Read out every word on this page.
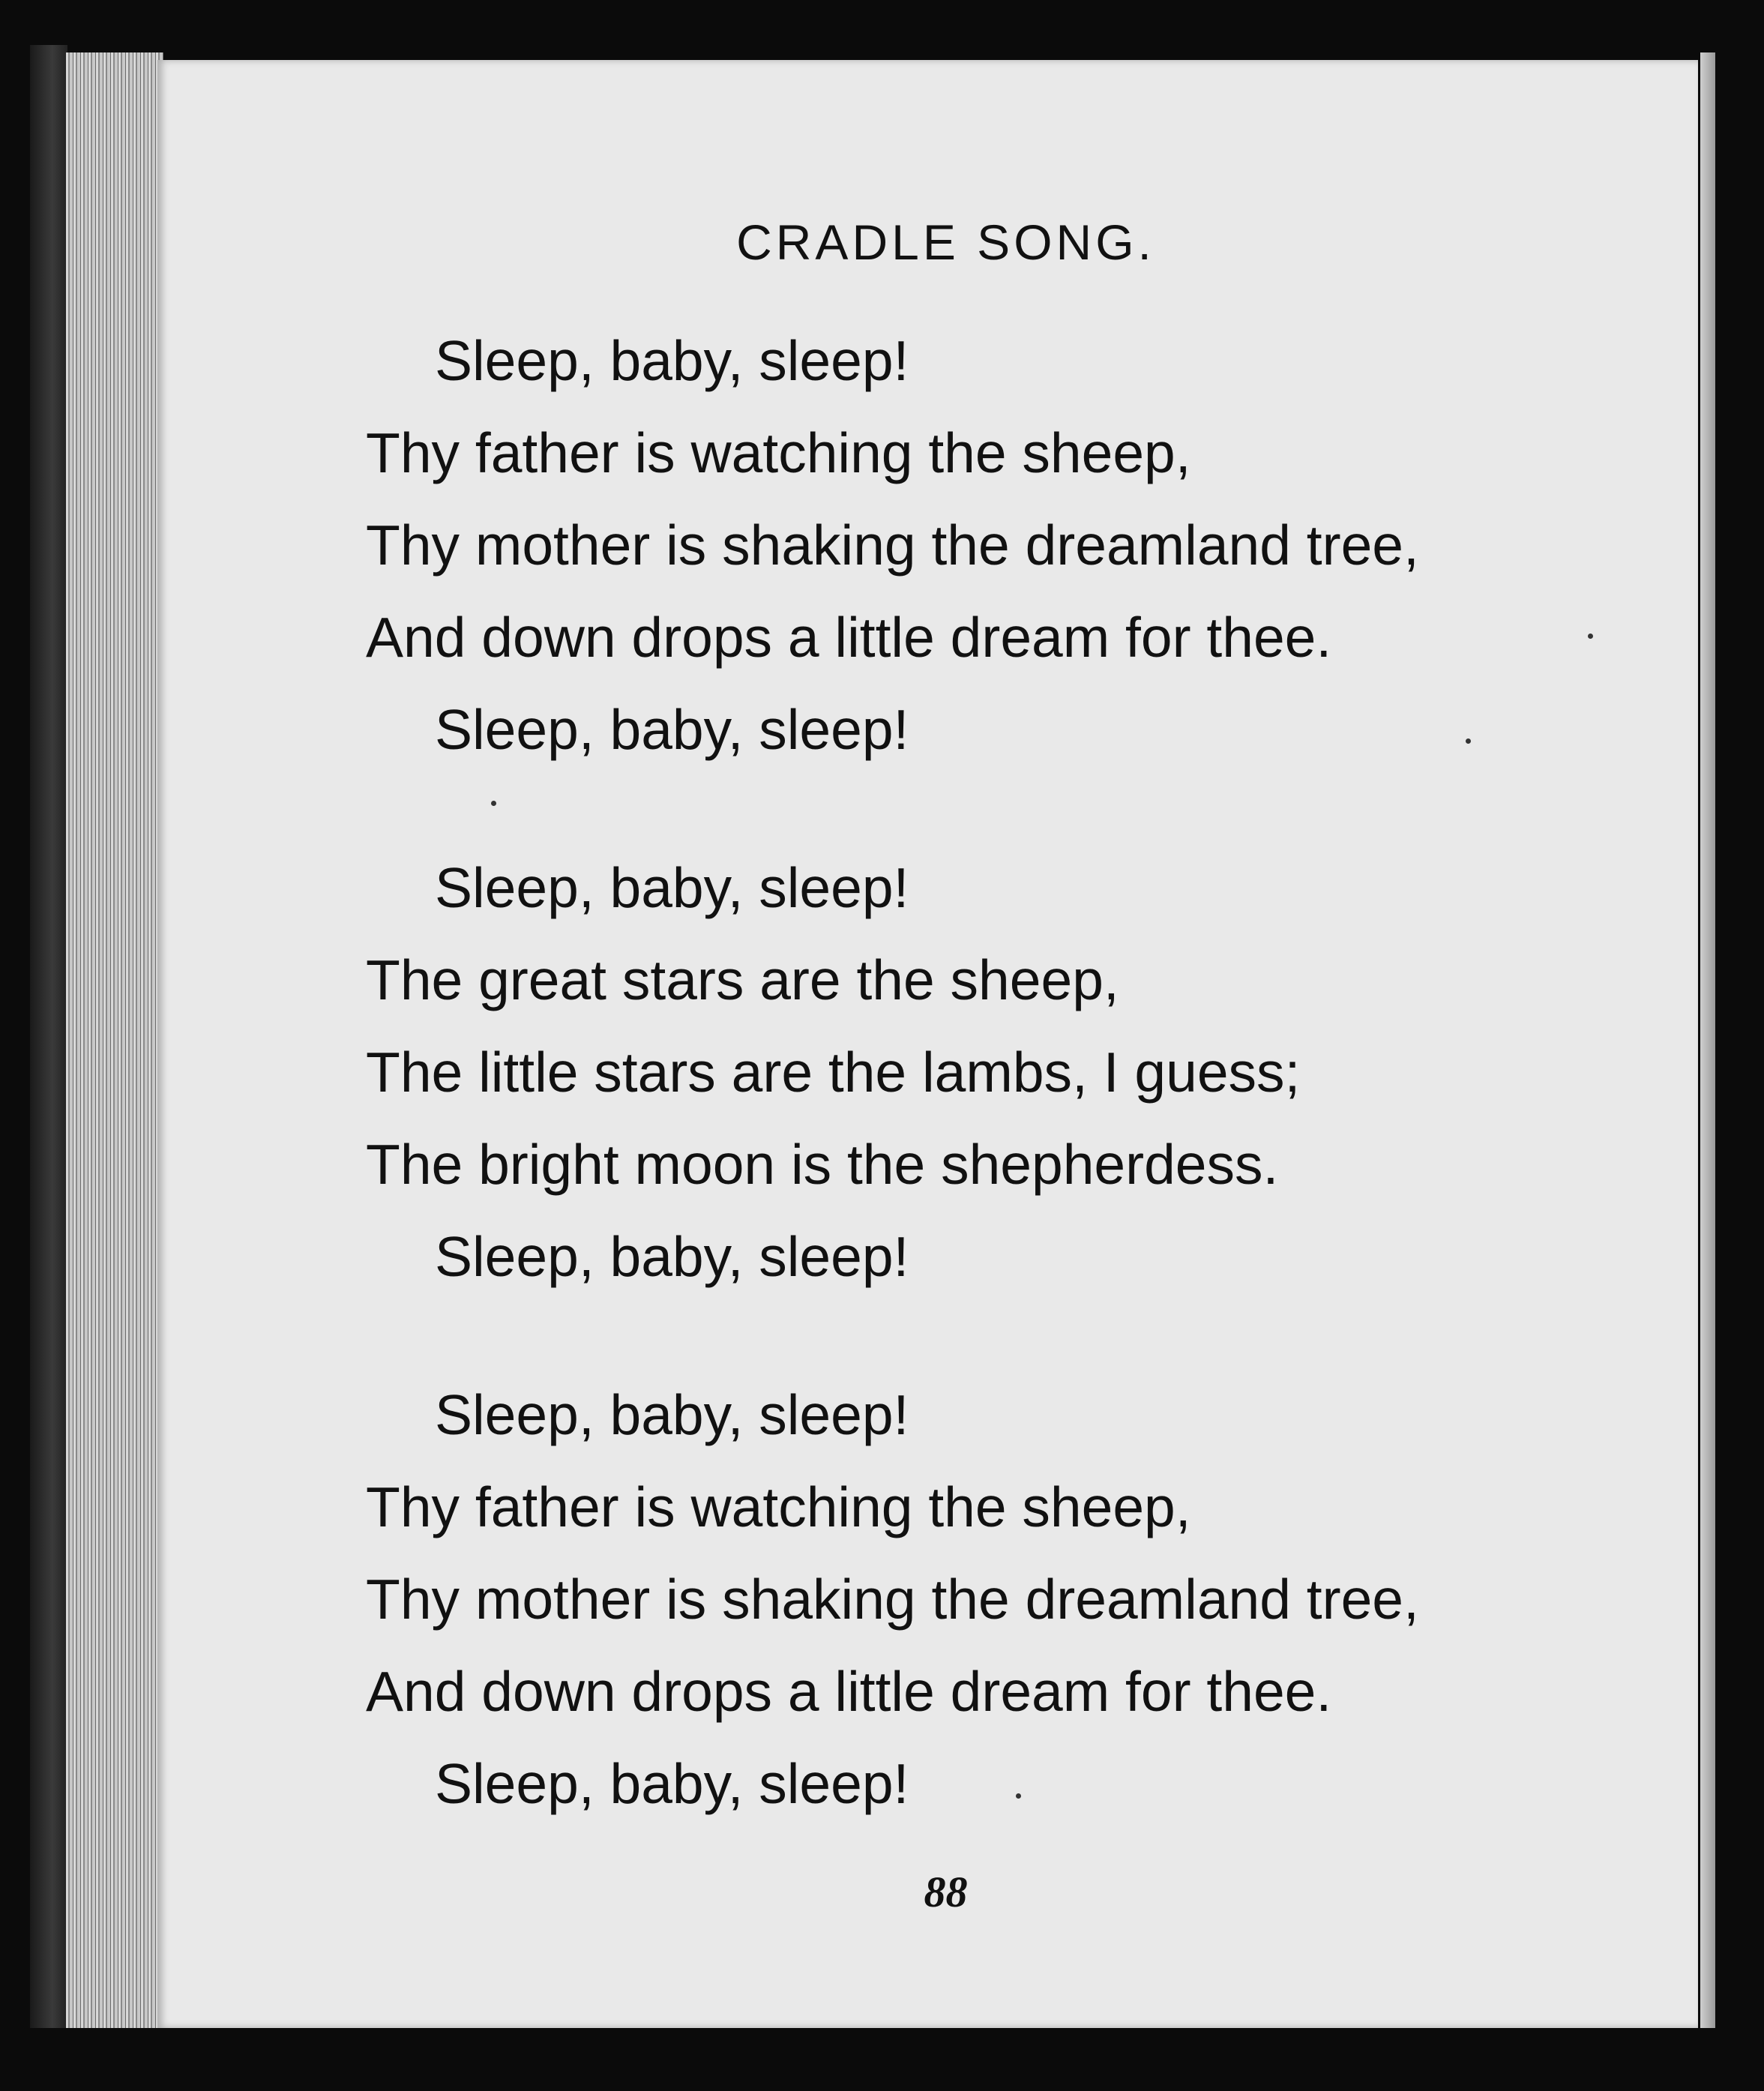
CRADLE SONG.
Sleep, baby, sleep!
Thy father is watching the sheep,
Thy mother is shaking the dreamland tree,
And down drops a little dream for thee.
Sleep, baby, sleep!
Sleep, baby, sleep!
The great stars are the sheep,
The little stars are the lambs, I guess;
The bright moon is the shepherdess.
Sleep, baby, sleep!
Sleep, baby, sleep!
Thy father is watching the sheep,
Thy mother is shaking the dreamland tree,
And down drops a little dream for thee.
Sleep, baby, sleep!
88
